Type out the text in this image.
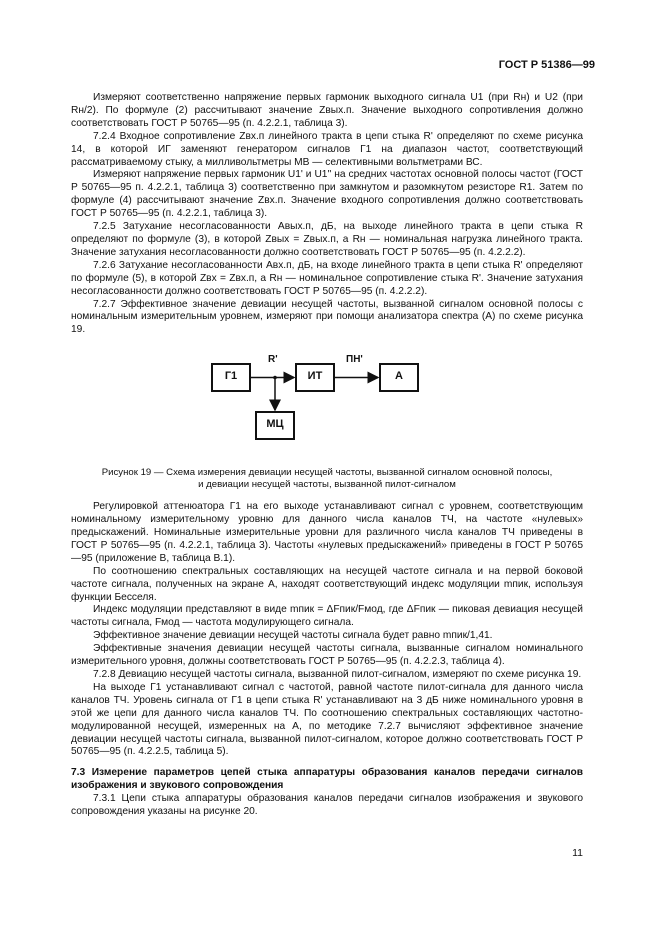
ГОСТ Р 51386—99

Измеряют соответственно напряжение первых гармоник выходного сигнала U1 (при Rн) и U2 (при Rн/2). По формуле (2) рассчитывают значение Zвых.п. Значение выходного сопротивления должно соответствовать ГОСТ Р 50765—95 (п. 4.2.2.1, таблица 3).

7.2.4 Входное сопротивление Zвх.п линейного тракта в цепи стыка R' определяют по схеме рисунка 14, в которой ИГ заменяют генератором сигналов Г1 на диапазон частот, соответствующий рассматриваемому стыку, а милливольтметры МВ — селективными вольтметрами ВС.

Измеряют напряжение первых гармоник U1' и U1'' на средних частотах основной полосы частот (ГОСТ Р 50765—95 п. 4.2.2.1, таблица 3) соответственно при замкнутом и разомкнутом резисторе R1. Затем по формуле (4) рассчитывают значение Zвх.п. Значение входного сопротивления должно соответствовать ГОСТ Р 50765—95 (п. 4.2.2.1, таблица 3).

7.2.5 Затухание несогласованности Aвых.п, дБ, на выходе линейного тракта в цепи стыка R определяют по формуле (3), в которой Zвых = Zвых.п, а Rн — номинальная нагрузка линейного тракта. Значение затухания несогласованности должно соответствовать ГОСТ Р 50765—95 (п. 4.2.2.2).

7.2.6 Затухание несогласованности Aвх.п, дБ, на входе линейного тракта в цепи стыка R' определяют по формуле (5), в которой Zвх = Zвх.п, а Rн — номинальное сопротивление стыка R'. Значение затухания несогласованности должно соответствовать ГОСТ Р 50765—95 (п. 4.2.2.2).

7.2.7 Эффективное значение девиации несущей частоты, вызванной сигналом основной полосы с номинальным измерительным уровнем, измеряют при помощи анализатора спектра (А) по схеме рисунка 19.

Г1	ИТ	А
МЦ
R'	ПН'

Рисунок 19 — Схема измерения девиации несущей частоты, вызванной сигналом основной полосы,
и девиации несущей частоты, вызванной пилот-сигналом

Регулировкой аттенюатора Г1 на его выходе устанавливают сигнал с уровнем, соответствующим номинальному измерительному уровню для данного числа каналов ТЧ, на частоте «нулевых» предыскажений. Номинальные измерительные уровни для различного числа каналов ТЧ приведены в ГОСТ Р 50765—95 (п. 4.2.2.1, таблица 3). Частоты «нулевых предыскажений» приведены в ГОСТ Р 50765—95 (приложение В, таблица В.1).

По соотношению спектральных составляющих на несущей частоте сигнала и на первой боковой частоте сигнала, полученных на экране А, находят соответствующий индекс модуляции mпик, используя функции Бесселя.

Индекс модуляции представляют в виде mпик = ΔFпик/Fмод, где ΔFпик — пиковая девиация несущей частоты сигнала, Fмод — частота модулирующего сигнала.

Эффективное значение девиации несущей частоты сигнала будет равно mпик/1,41.

Эффективные значения девиации несущей частоты сигнала, вызванные сигналом номинального измерительного уровня, должны соответствовать ГОСТ Р 50765—95 (п. 4.2.2.3, таблица 4).

7.2.8 Девиацию несущей частоты сигнала, вызванной пилот-сигналом, измеряют по схеме рисунка 19.

На выходе Г1 устанавливают сигнал с частотой, равной частоте пилот-сигнала для данного числа каналов ТЧ. Уровень сигнала от Г1 в цепи стыка R' устанавливают на 3 дБ ниже номинального уровня в этой же цепи для данного числа каналов ТЧ. По соотношению спектральных составляющих частотно-модулированной несущей, измеренных на А, по методике 7.2.7 вычисляют эффективное значение девиации несущей частоты сигнала, вызванной пилот-сигналом, которое должно соответствовать ГОСТ Р 50765—95 (п. 4.2.2.5, таблица 5).

7.3 Измерение параметров цепей стыка аппаратуры образования каналов передачи сигналов изображения и звукового сопровождения

7.3.1 Цепи стыка аппаратуры образования каналов передачи сигналов изображения и звукового сопровождения указаны на рисунке 20.

11
